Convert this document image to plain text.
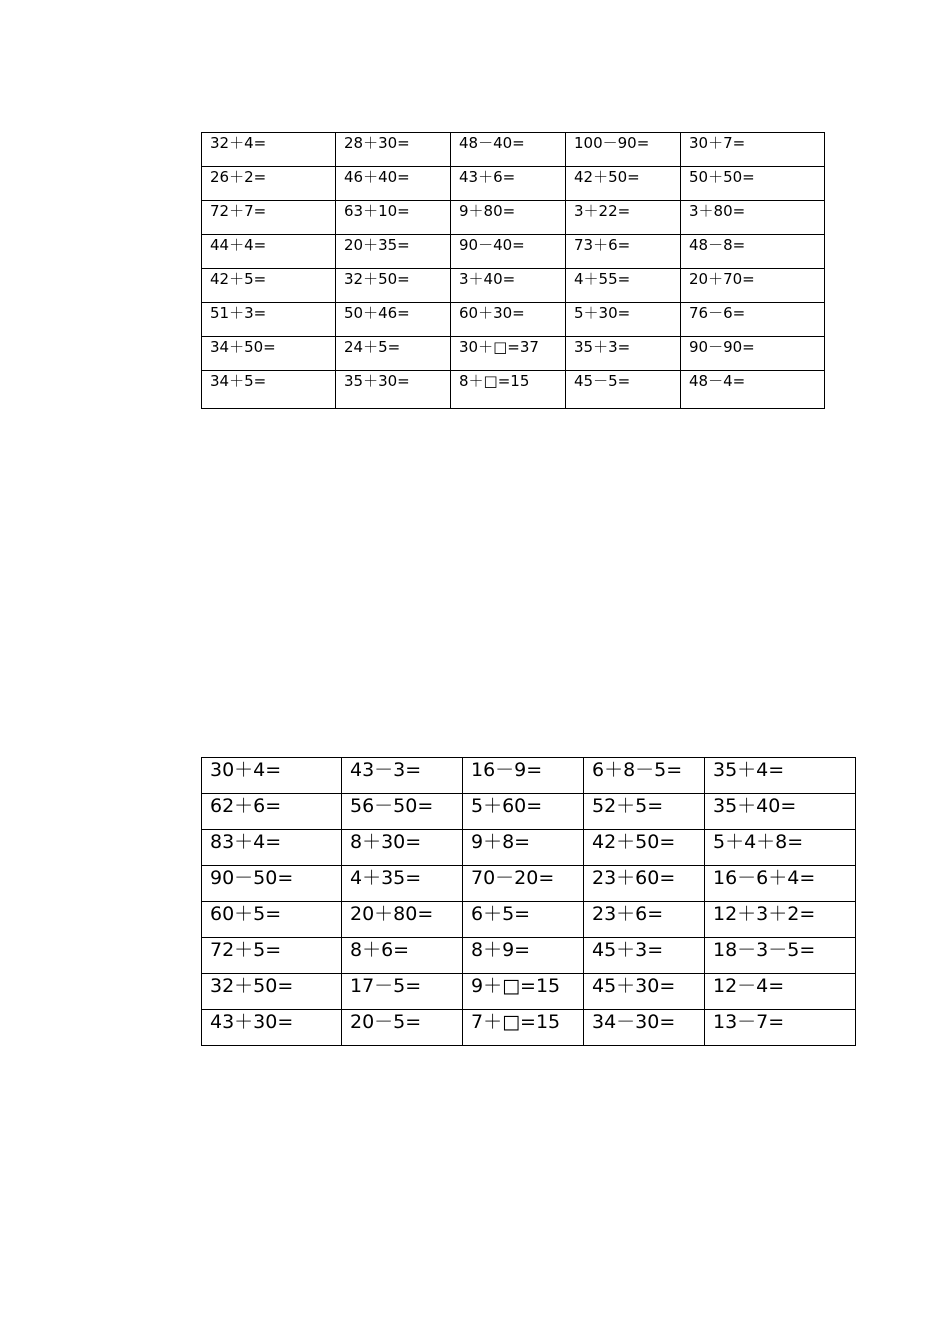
32＋4=	28＋30=	48－40=	100－90=	30＋7=
26＋2=	46＋40=	43＋6=	42＋50=	50＋50=
72＋7=	63＋10=	9＋80=	3＋22=	3＋80=
44＋4=	20＋35=	90－40=	73＋6=	48－8=
42＋5=	32＋50=	3＋40=	4＋55=	20＋70=
51＋3=	50＋46=	60＋30=	5＋30=	76－6=
34＋50=	24＋5=	30＋□=37	35＋3=	90－90=
34＋5=	35＋30=	8＋□=15	45－5=	48－4=
30＋4=	43－3=	16－9=	6＋8－5=	35＋4=
62＋6=	56－50=	5＋60=	52＋5=	35＋40=
83＋4=	8＋30=	9＋8=	42＋50=	5＋4＋8=
90－50=	4＋35=	70－20=	23＋60=	16－6＋4=
60＋5=	20＋80=	6＋5=	23＋6=	12＋3＋2=
72＋5=	8＋6=	8＋9=	45＋3=	18－3－5=
32＋50=	17－5=	9＋□=15	45＋30=	12－4=
43＋30=	20－5=	7＋□=15	34－30=	13－7=
